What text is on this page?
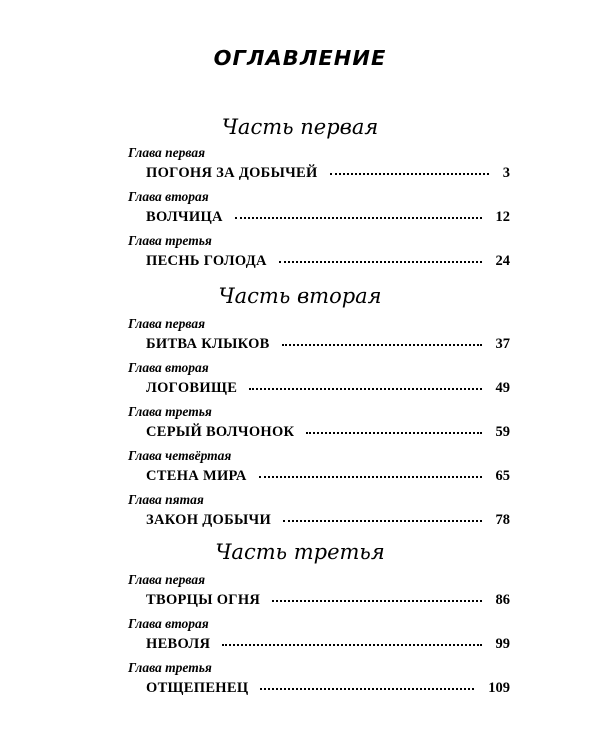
ОГЛАВЛЕНИЕ
Часть первая
Глава первая
ПОГОНЯ ЗА ДОБЫЧЕЙ	3
Глава вторая
ВОЛЧИЦА	12
Глава третья
ПЕСНЬ ГОЛОДА	24
Часть вторая
Глава первая
БИТВА КЛЫКОВ	37
Глава вторая
ЛОГОВИЩЕ	49
Глава третья
СЕРЫЙ ВОЛЧОНОК	59
Глава четвёртая
СТЕНА МИРА	65
Глава пятая
ЗАКОН ДОБЫЧИ	78
Часть третья
Глава первая
ТВОРЦЫ ОГНЯ	86
Глава вторая
НЕВОЛЯ	99
Глава третья
ОТЩЕПЕНЕЦ	109
